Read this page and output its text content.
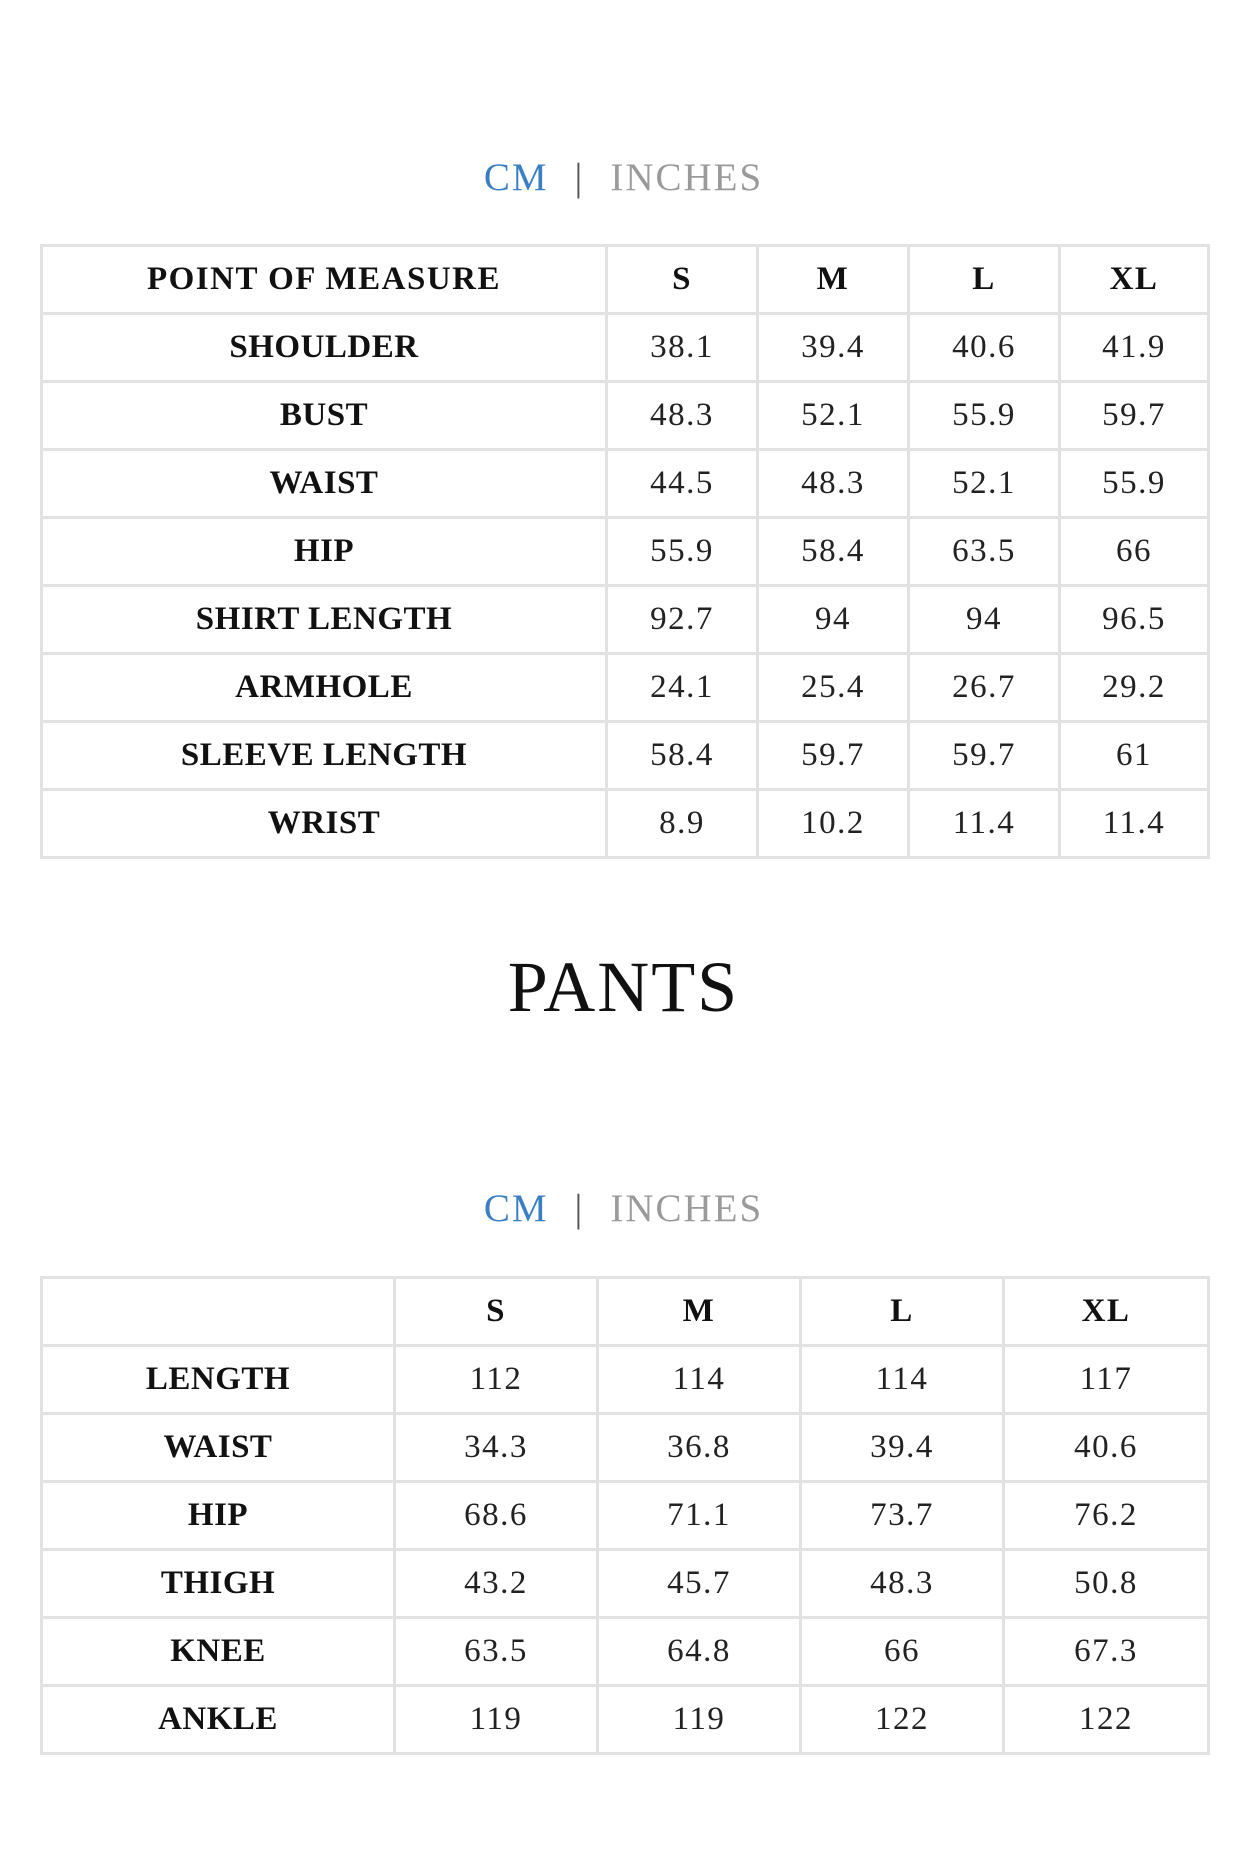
CM | INCHES
POINT OF MEASURE	S	M	L	XL
SHOULDER	38.1	39.4	40.6	41.9
BUST	48.3	52.1	55.9	59.7
WAIST	44.5	48.3	52.1	55.9
HIP	55.9	58.4	63.5	66
SHIRT LENGTH	92.7	94	94	96.5
ARMHOLE	24.1	25.4	26.7	29.2
SLEEVE LENGTH	58.4	59.7	59.7	61
WRIST	8.9	10.2	11.4	11.4
PANTS
CM | INCHES
	S	M	L	XL
LENGTH	112	114	114	117
WAIST	34.3	36.8	39.4	40.6
HIP	68.6	71.1	73.7	76.2
THIGH	43.2	45.7	48.3	50.8
KNEE	63.5	64.8	66	67.3
ANKLE	119	119	122	122
